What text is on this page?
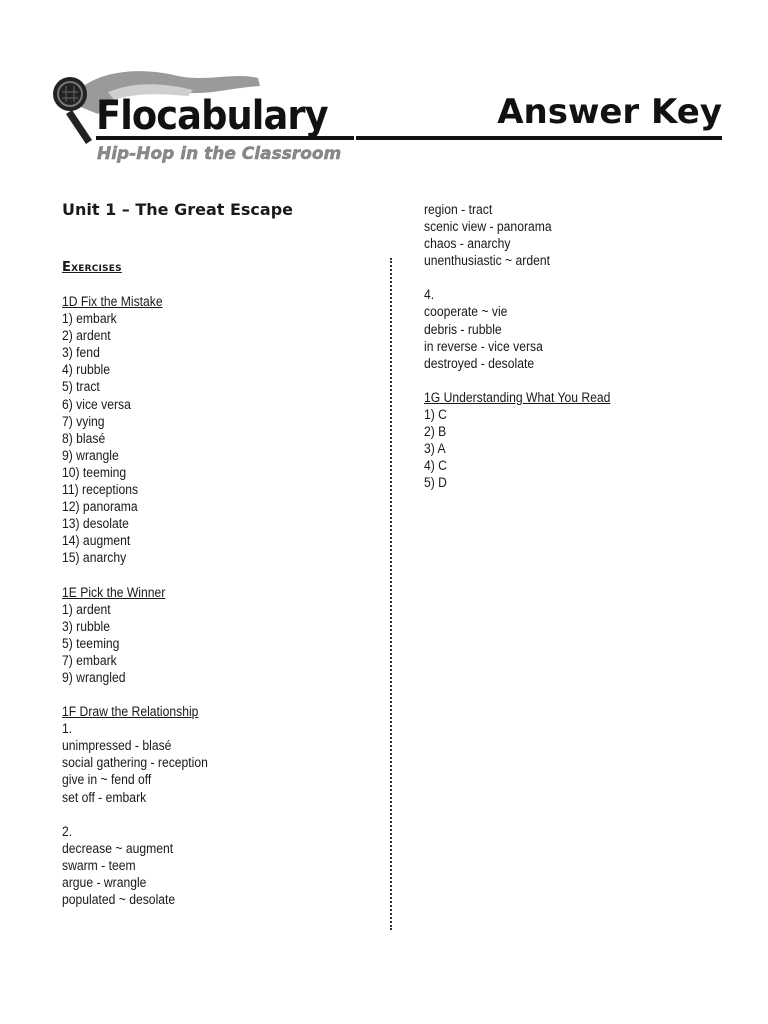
Flocabulary
Hip-Hop in the Classroom
Answer Key
Unit 1 – The Great Escape
Exercises
1D Fix the Mistake
1) embark
2) ardent
3) fend
4) rubble
5) tract
6) vice versa
7) vying
8) blasé
9) wrangle
10) teeming
11) receptions
12) panorama
13) desolate
14) augment
15) anarchy
1E Pick the Winner
1) ardent
3) rubble
5) teeming
7) embark
9) wrangled
1F Draw the Relationship
1.
unimpressed - blasé
social gathering - reception
give in ~ fend off
set off - embark
2.
decrease ~ augment
swarm - teem
argue - wrangle
populated ~ desolate
region - tract
scenic view - panorama
chaos - anarchy
unenthusiastic ~ ardent
4.
cooperate ~ vie
debris - rubble
in reverse - vice versa
destroyed - desolate
1G Understanding What You Read
1) C
2) B
3) A
4) C
5) D
